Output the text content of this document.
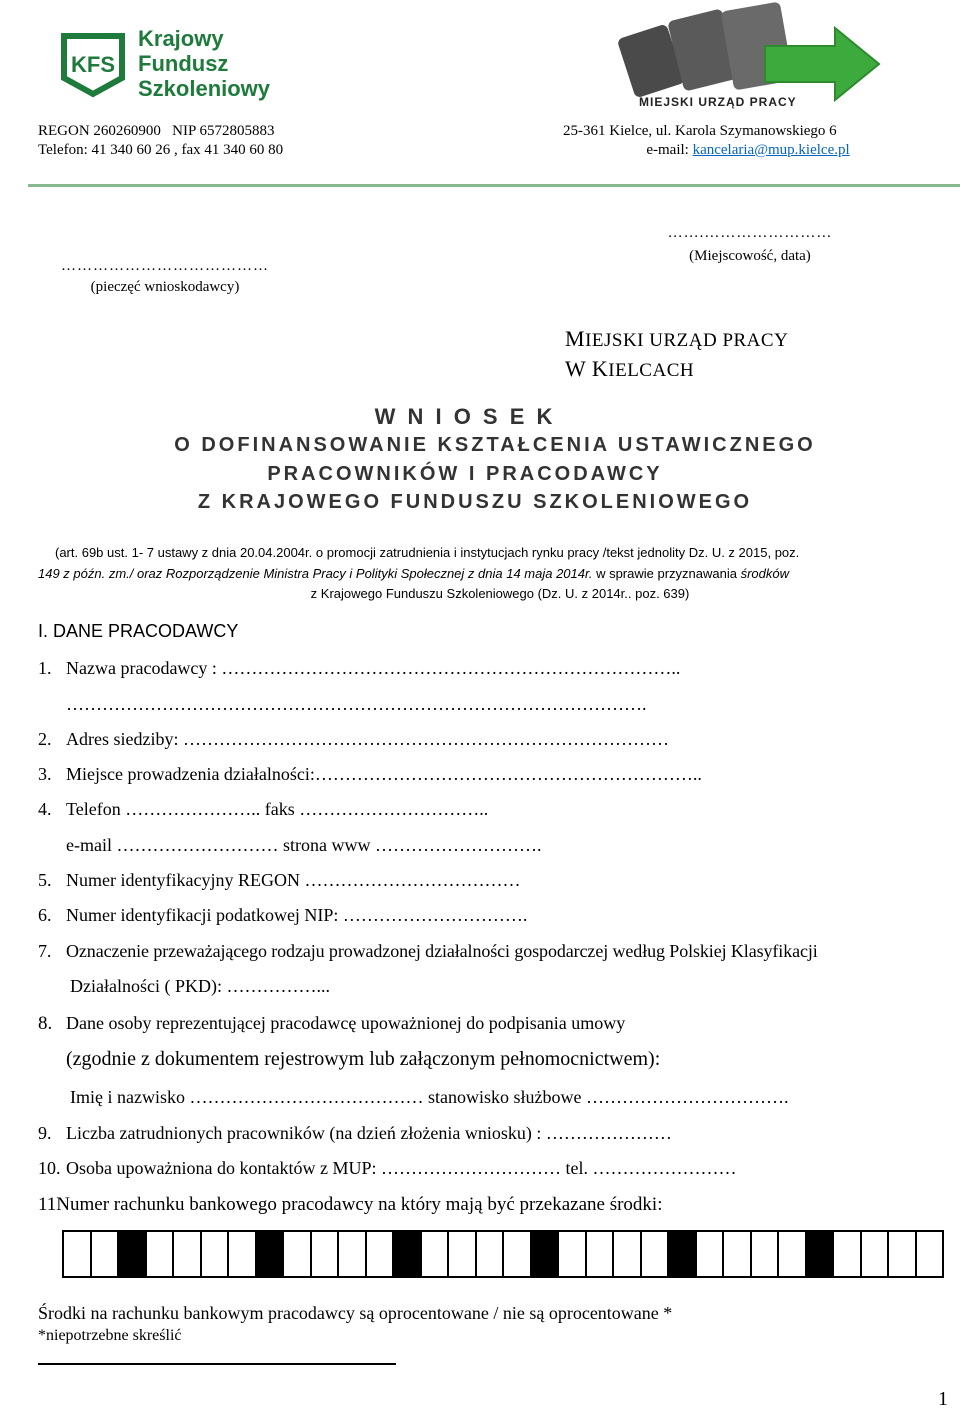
KFS
Krajowy
Fundusz
Szkoleniowy
MIEJSKI URZĄD PRACY
REGON 260260900   NIP 6572805883
Telefon: 41 340 60 26 , fax 41 340 60 80
25-361 Kielce, ul. Karola Szymanowskiego 6
e-mail: kancelaria@mup.kielce.pl
…….……………………
(Miejscowość, data)
…………………………………
(pieczęć wnioskodawcy)
MIEJSKI URZĄD PRACY
W KIELCACH
W N I O S E K
O DOFINANSOWANIE KSZTAŁCENIA USTAWICZNEGO
PRACOWNIKÓW I PRACODAWCY
Z KRAJOWEGO FUNDUSZU SZKOLENIOWEGO
(art. 69b ust. 1- 7 ustawy z dnia 20.04.2004r. o promocji zatrudnienia i instytucjach rynku pracy /tekst jednolity Dz. U. z 2015, poz.
149 z późn. zm./ oraz Rozporządzenie Ministra Pracy i Polityki Społecznej z dnia 14 maja 2014r. w sprawie przyznawania środków
z Krajowego Funduszu Szkoleniowego (Dz. U. z 2014r.. poz. 639)
I. DANE PRACODAWCY
1. Nazwa pracodawcy : …………………………………………………………………..
…………………………………………………………………………………….
2. Adres siedziby: ………………………………………………………………………
3. Miejsce prowadzenia działalności:………………………………………………………..
4. Telefon ………………….. faks …………………………..
e-mail ……………………… strona www ……………………….
5. Numer identyfikacyjny REGON ………………………………
6. Numer identyfikacji podatkowej NIP: ………………………….
7. Oznaczenie przeważającego rodzaju prowadzonej działalności gospodarczej według Polskiej Klasyfikacji
Działalności ( PKD): ……………...
8. Dane osoby reprezentującej pracodawcę upoważnionej do podpisania umowy
(zgodnie z dokumentem rejestrowym lub załączonym pełnomocnictwem):
Imię i nazwisko ………………………………… stanowisko służbowe …………………………….
9. Liczba zatrudnionych pracowników (na dzień złożenia wniosku) : …………………
10. Osoba upoważniona do kontaktów z MUP: ………………………… tel. ……………………
11Numer rachunku bankowego pracodawcy na który mają być przekazane środki:
Środki na rachunku bankowym pracodawcy są oprocentowane / nie są oprocentowane *
*niepotrzebne skreślić
1
